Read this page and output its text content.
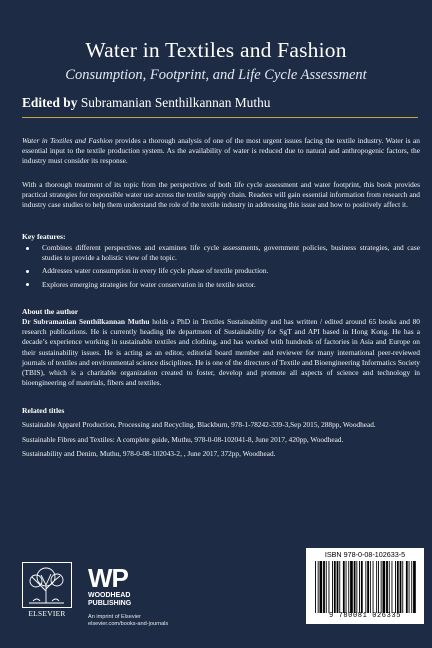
Water in Textiles and Fashion
Consumption, Footprint, and Life Cycle Assessment
Edited by Subramanian Senthilkannan Muthu

Water in Textiles and Fashion provides a thorough analysis of one of the most urgent issues facing the textile industry. Water is an essential input to the textile production system. As the availability of water is reduced due to natural and anthropogenic factors, the industry must consider its response.

With a thorough treatment of its topic from the perspectives of both life cycle assessment and water footprint, this book provides practical strategies for responsible water use across the textile supply chain. Readers will gain essential information from research and industry case studies to help them understand the role of the textile industry in addressing this issue and how to positively affect it.

Key features:
Combines different perspectives and examines life cycle assessments, government policies, business strategies, and case studies to provide a holistic view of the topic.
Addresses water consumption in every life cycle phase of textile production.
Explores emerging strategies for water conservation in the textile sector.
About the author

Dr Subramanian Senthilkannan Muthu holds a PhD in Textiles Sustainability and has written / edited around 65 books and 80 research publications. He is currently heading the department of Sustainability for SgT and API based in Hong Kong. He has a decade’s experience working in sustainable textiles and clothing, and has worked with hundreds of factories in Asia and Europe on their sustainability issues. He is acting as an editor, editorial board member and reviewer for many international peer-reviewed journals of textiles and environmental science disciplines. He is one of the directors of Textile and Bioengineering Informatics Society (TBIS), which is a charitable organization created to foster, develop and promote all aspects of science and technology in bioengineering of materials, fibers and textiles.

Related titles
Sustainable Apparel Production, Processing and Recycling, Blackburn, 978-1-78242-339-3,Sep 2015, 288pp, Woodhead.
Sustainable Fibres and Textiles: A complete guide, Muthu, 978-0-08-102041-8, June 2017, 420pp, Woodhead.
Sustainability and Denim, Muthu, 978-0-08-102043-2, , June 2017, 372pp, Woodhead.
ELSEVIER
WP
WOODHEAD
PUBLISHING
An imprint of Elsevier
elsevier.com/books-and-journals
ISBN 978-0-08-102633-5
9 780081 026335
